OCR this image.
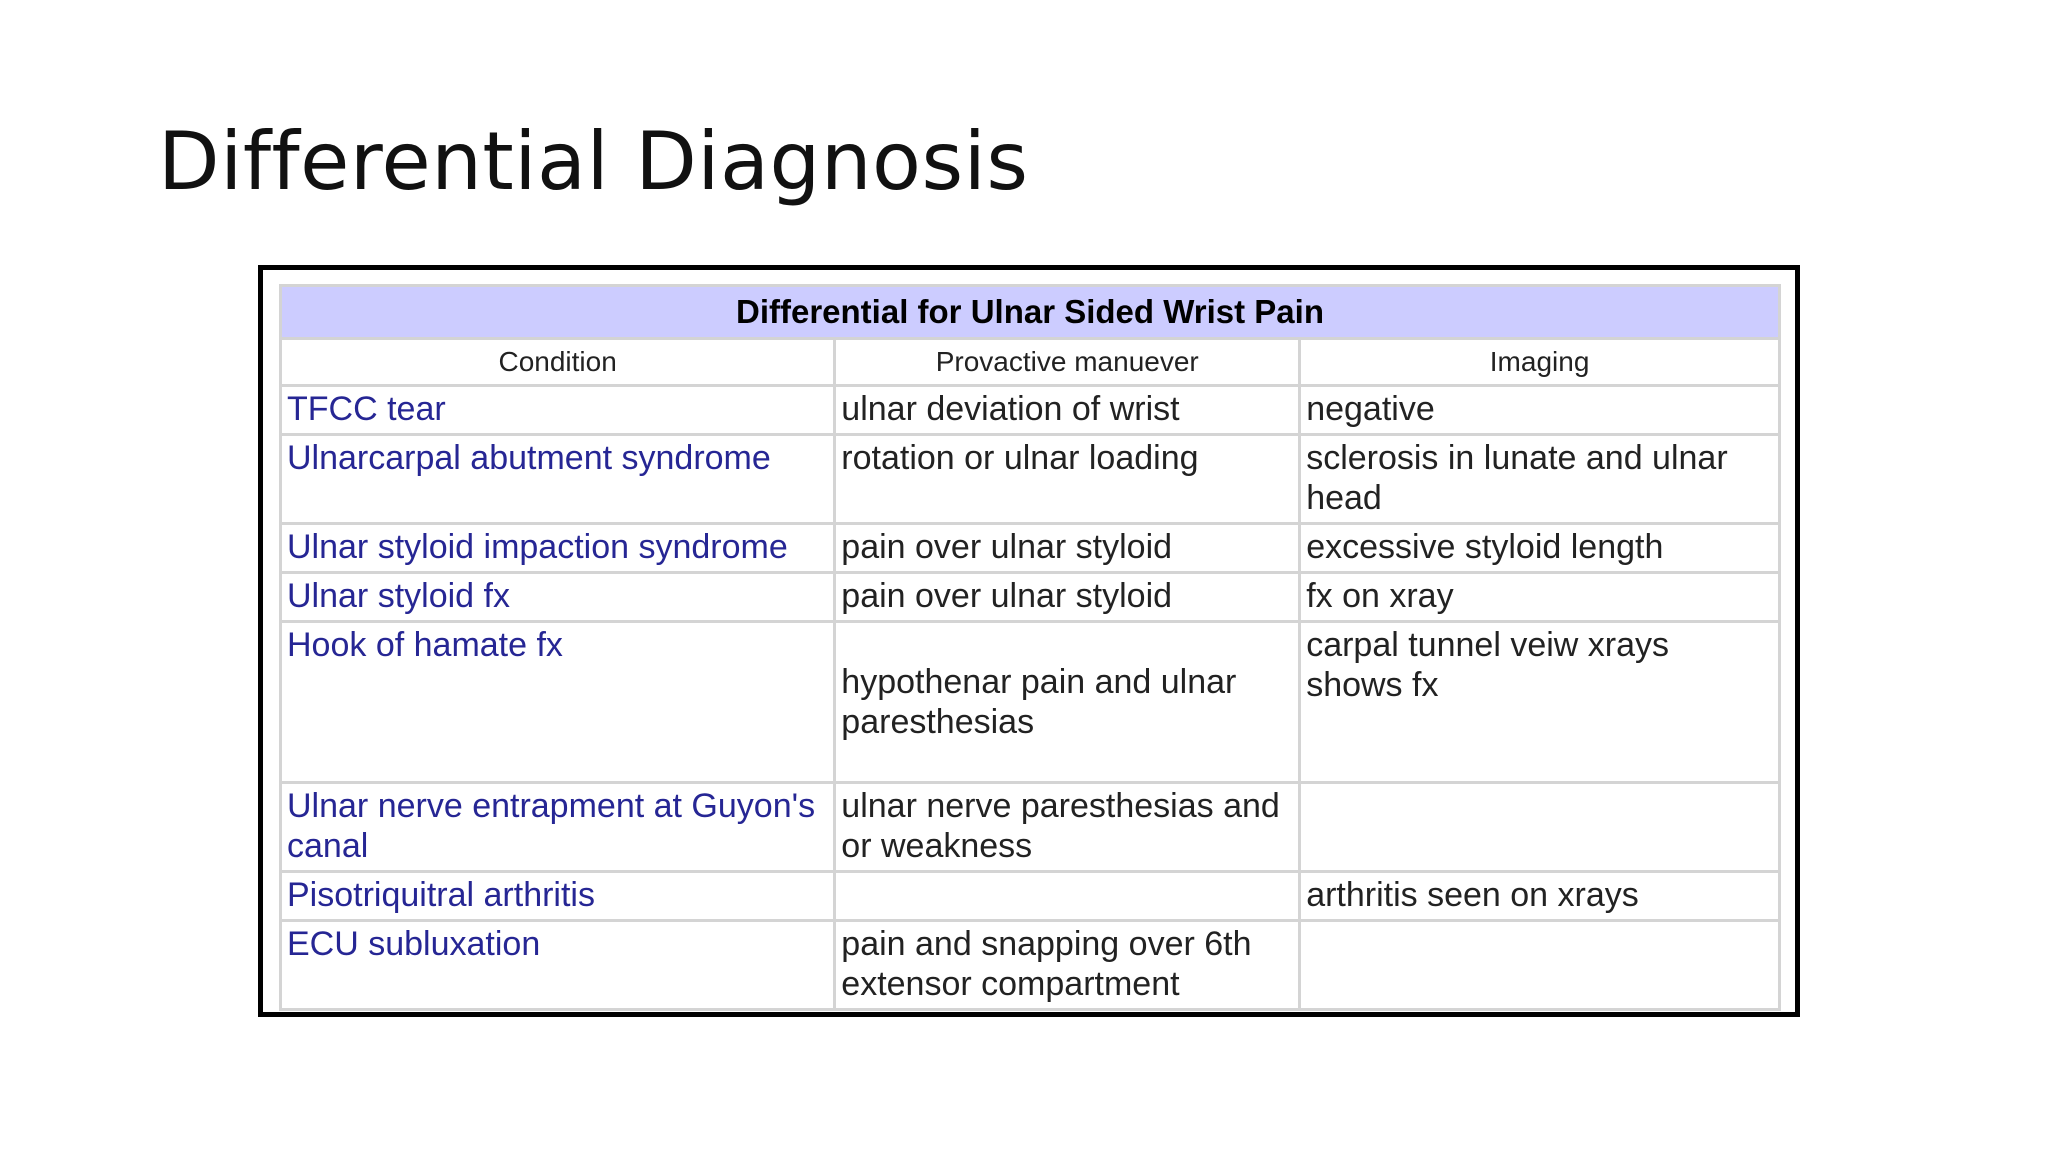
Differential Diagnosis
Differential for Ulnar Sided Wrist Pain		
Condition	Provactive manuever	Imaging
TFCC tear	ulnar deviation of wrist	negative
Ulnarcarpal abutment syndrome	rotation or ulnar loading	sclerosis in lunate and ulnar head
Ulnar styloid impaction syndrome	pain over ulnar styloid	excessive styloid length
Ulnar styloid fx	pain over ulnar styloid	fx on xray
Hook of hamate fx	hypothenar pain and ulnar paresthesias	carpal tunnel veiw xrays shows fx
Ulnar nerve entrapment at Guyon's canal	ulnar nerve paresthesias and or weakness	
Pisotriquitral arthritis		arthritis seen on xrays
ECU subluxation	pain and snapping over 6th extensor compartment	
